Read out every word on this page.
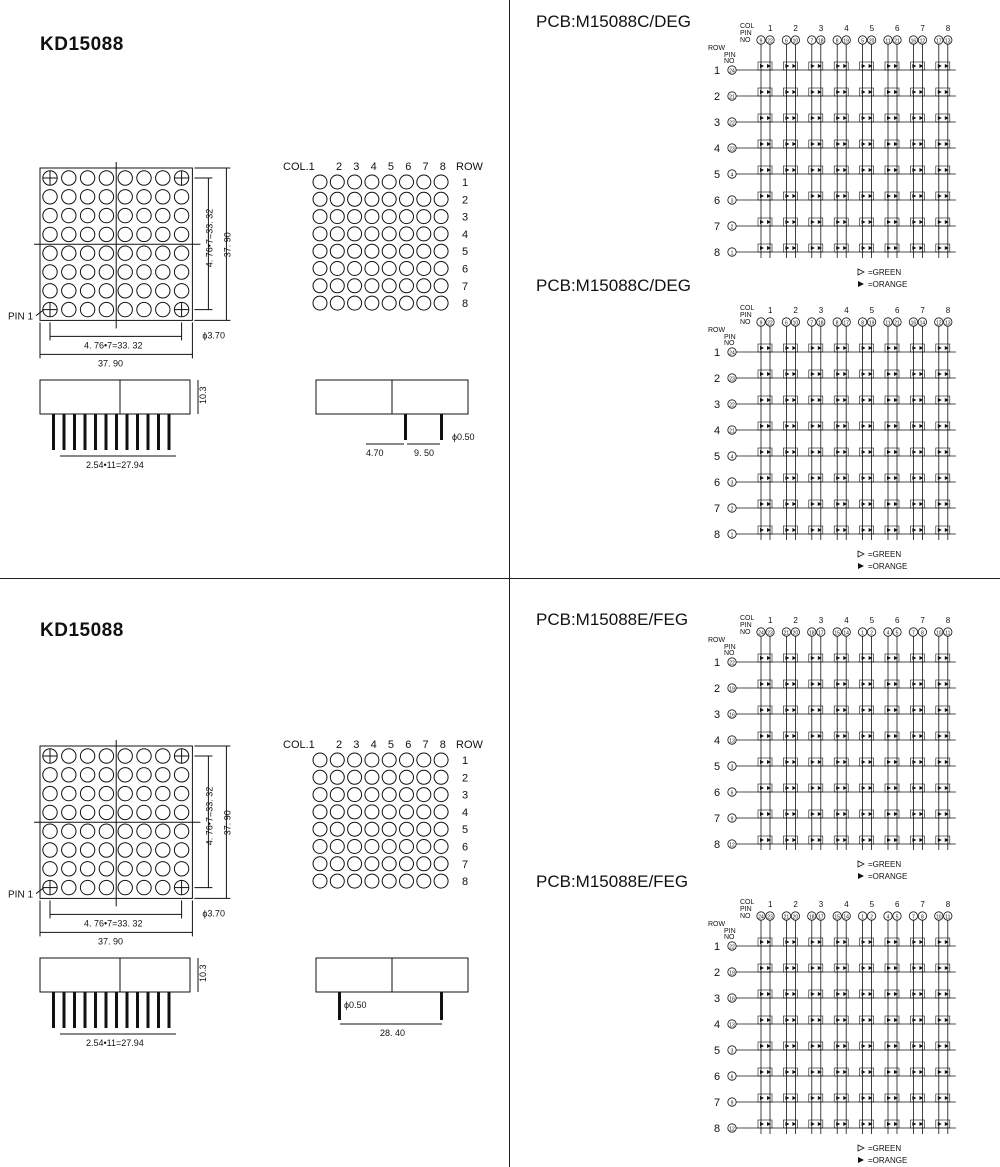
KD15088
KD15088
PCB:M15088C/DEG
PCB:M15088C/DEG
PCB:M15088E/FEG
PCB:M15088E/FEG
PIN 1
4. 76•7=33. 32
37. 90
ϕ3.70
4. 76•7=33. 32 37. 90
10.3
2.54•11=27.94
COL.1 2 3 4 5 6 7 8 ROW
1
2
3
4
5
6
7
8
4.70	9. 50
ϕ0.50
PIN 1
4. 76•7=33. 32
37. 90
ϕ3.70
4. 76•7=33. 32 37. 90
10.3
2.54•11=27.94
COL.1 2 3 4 5 6 7 8 ROW
1
2
3
4
5
6
7
8
28. 40
ϕ0.50
COL
PIN
NO
ROW
PIN
NO
1
9 22
2
6 10
3
7 18
4
8 19
5
5 20
6
11 21
7
16 12
8
17 13
1 24
2 21
3 22
4 23
5 4
6 3
7 2
8 1
=GREEN
=ORANGE
COL
PIN
NO
ROW
PIN
NO
1
9 22
2
6 10
3
7 18
4
8 17
5
8 19
6
11 21
7
16 14
8
12 13
1 24
2 23
3 22
4 21
5 4
6 3
7 2
8 1
=GREEN
=ORANGE
COL
PIN
NO
ROW
PIN
NO
1
24 23
2
21 20
3
18 17
4
15 14
5
1 2
6
4 5
7
7 8
8
10 11
1 22
2 19
3 16
4 13
5 3
6 6
7 9
8 12
=GREEN
=ORANGE
COL
PIN
NO
ROW
PIN
NO
1
24 23
2
21 20
3
18 17
4
15 14
5
1 2
6
4 5
7
7 8
8
10 11
1 22
2 19
3 16
4 13
5 3
6 6
7 9
8 12
=GREEN
=ORANGE
